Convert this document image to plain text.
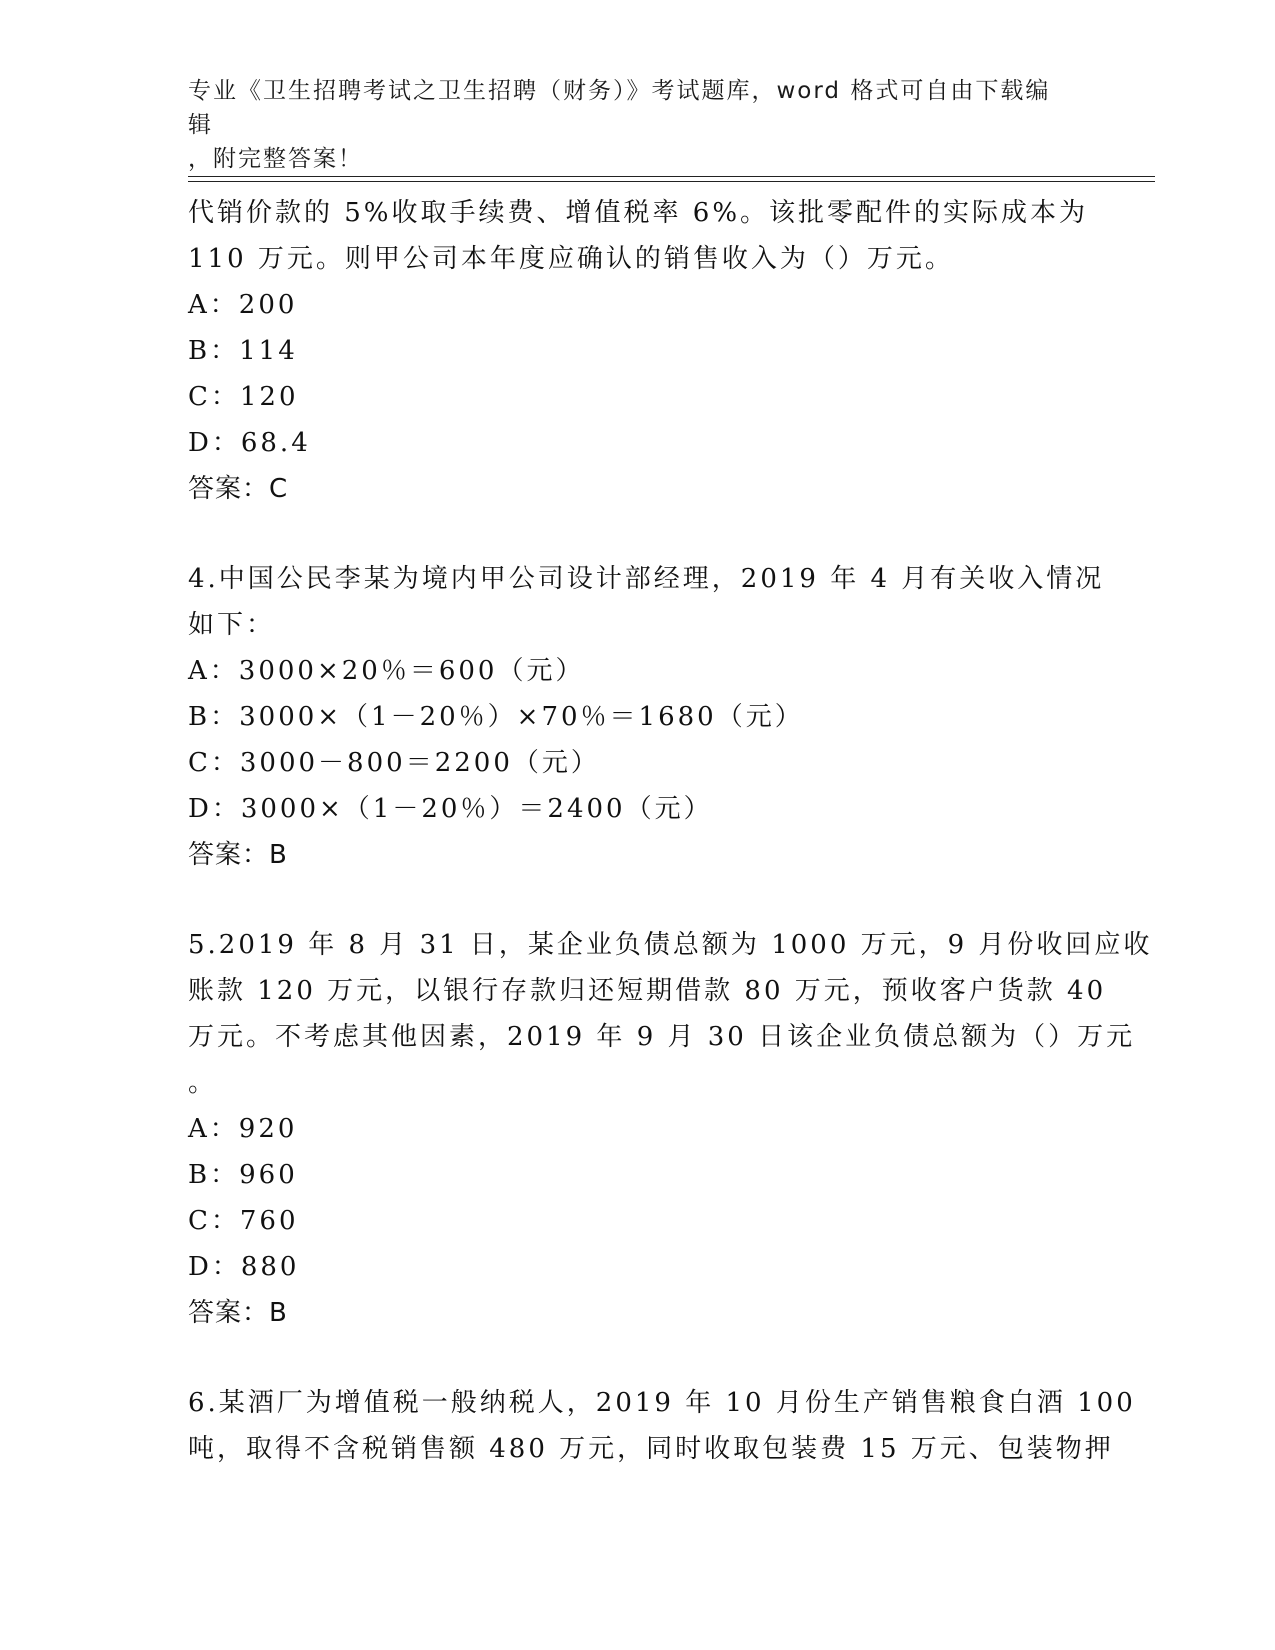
专业《卫生招聘考试之卫生招聘（财务）》考试题库，word 格式可自由下载编辑
，附完整答案！
代销价款的 5%收取手续费、增值税率 6%。该批零配件的实际成本为
110 万元。则甲公司本年度应确认的销售收入为（）万元。
A：200
B：114
C：120
D：68.4
答案：C
4.中国公民李某为境内甲公司设计部经理，2019 年 4 月有关收入情况
如下：
A：3000×20％＝600（元）
B：3000×（1－20％）×70％＝1680（元）
C：3000－800＝2200（元）
D：3000×（1－20％）＝2400（元）
答案：B
5.2019 年 8 月 31 日，某企业负债总额为 1000 万元，9 月份收回应收
账款 120 万元，以银行存款归还短期借款 80 万元，预收客户货款 40
万元。不考虑其他因素，2019 年 9 月 30 日该企业负债总额为（）万元
。
A：920
B：960
C：760
D：880
答案：B
6.某酒厂为增值税一般纳税人，2019 年 10 月份生产销售粮食白酒 100
吨，取得不含税销售额 480 万元，同时收取包装费 15 万元、包装物押
